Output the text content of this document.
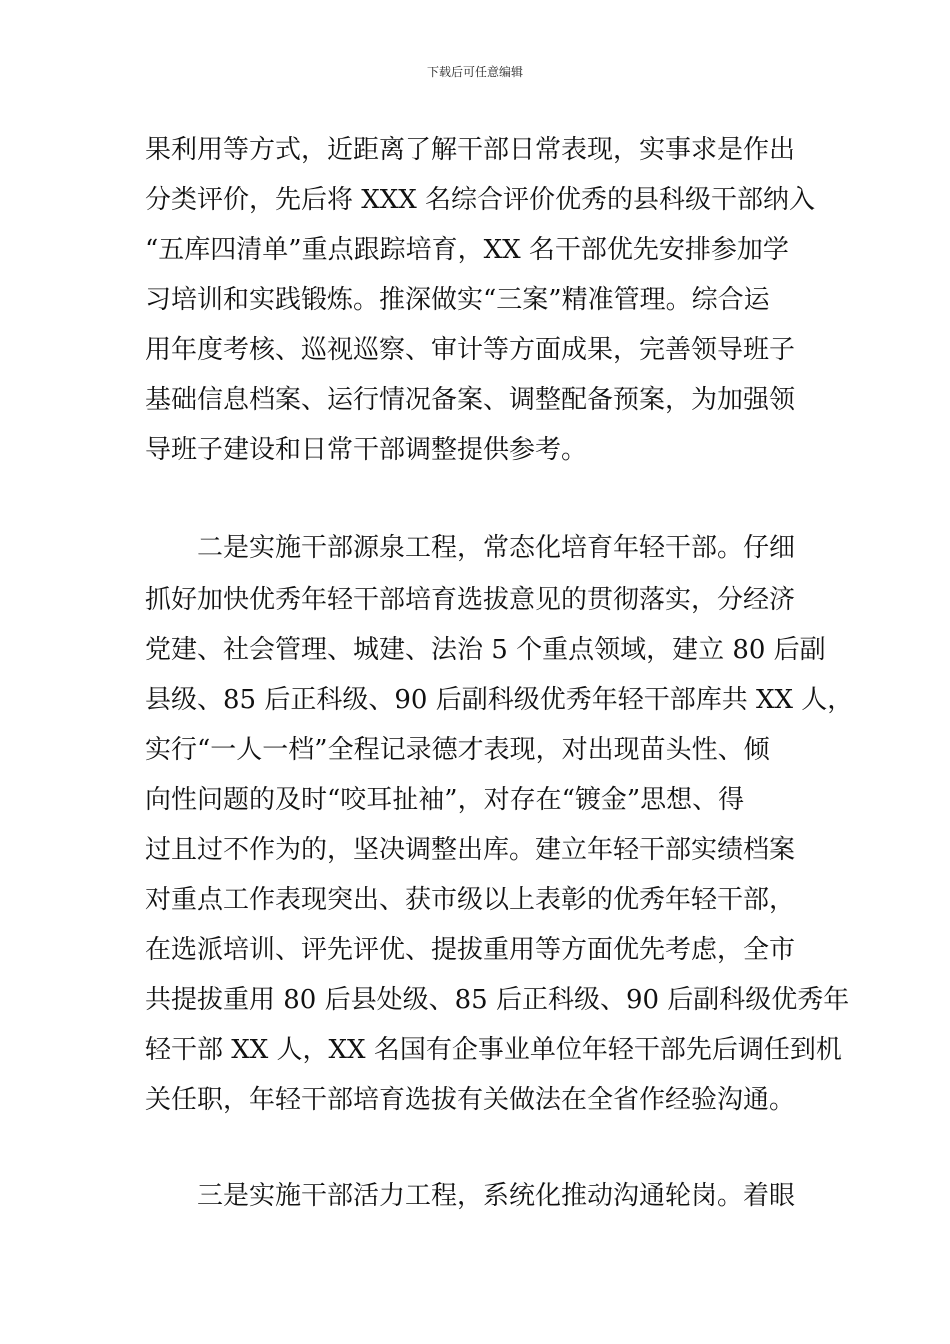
下载后可任意编辑
果利用等方式，近距离了解干部日常表现，实事求是作出
分类评价，先后将 XXX 名综合评价优秀的县科级干部纳入
“五库四清单”重点跟踪培育，XX 名干部优先安排参加学
习培训和实践锻炼。推深做实“三案”精准管理。综合运
用年度考核、巡视巡察、审计等方面成果，完善领导班子
基础信息档案、运行情况备案、调整配备预案，为加强领
导班子建设和日常干部调整提供参考。
二是实施干部源泉工程，常态化培育年轻干部。仔细
抓好加快优秀年轻干部培育选拔意见的贯彻落实，分经济
党建、社会管理、城建、法治 5 个重点领域，建立 80 后副
县级、85 后正科级、90 后副科级优秀年轻干部库共 XX 人，
实行“一人一档”全程记录德才表现，对出现苗头性、倾
向性问题的及时“咬耳扯袖”，对存在“镀金”思想、得
过且过不作为的，坚决调整出库。建立年轻干部实绩档案
对重点工作表现突出、获市级以上表彰的优秀年轻干部，
在选派培训、评先评优、提拔重用等方面优先考虑，全市
共提拔重用 80 后县处级、85 后正科级、90 后副科级优秀年
轻干部 XX 人，XX 名国有企事业单位年轻干部先后调任到机
关任职，年轻干部培育选拔有关做法在全省作经验沟通。
三是实施干部活力工程，系统化推动沟通轮岗。着眼
